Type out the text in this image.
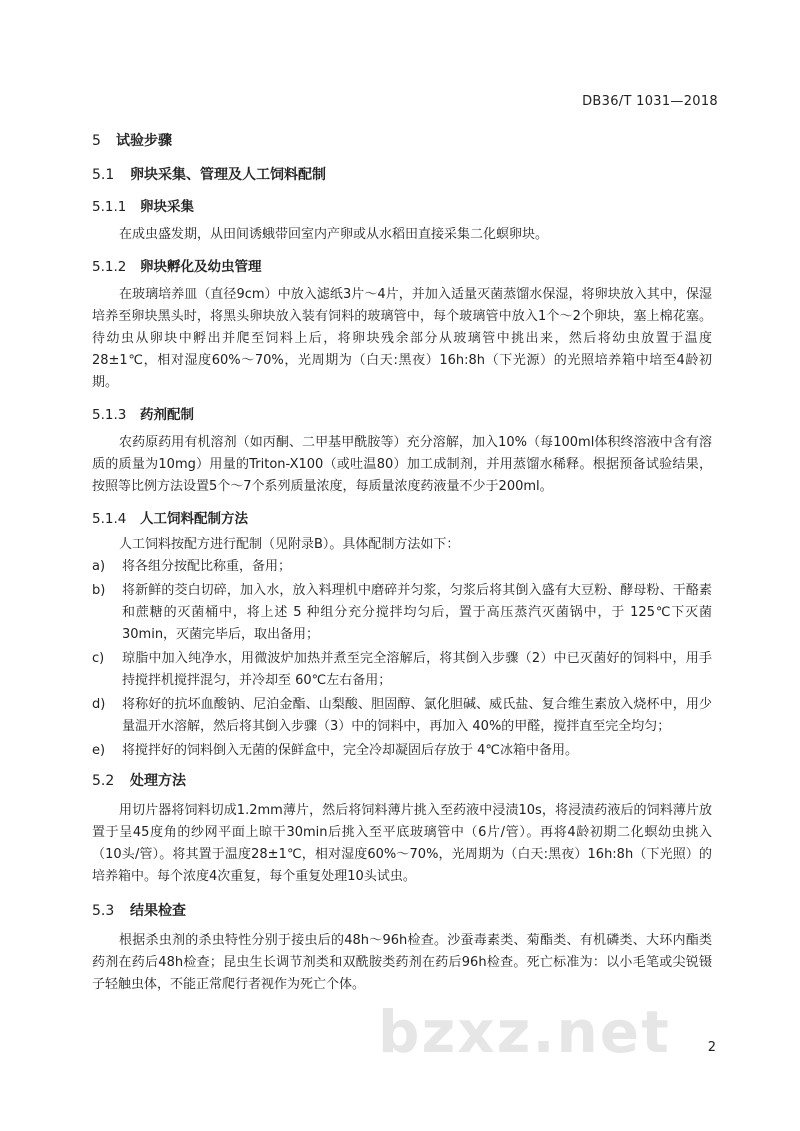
DB36/T 1031—2018
5 试验步骤
5.1 卵块采集、管理及人工饲料配制
5.1.1 卵块采集

在成虫盛发期，从田间诱蛾带回室内产卵或从水稻田直接采集二化螟卵块。

5.1.2 卵块孵化及幼虫管理

在玻璃培养皿（直径9cm）中放入滤纸3片～4片，并加入适量灭菌蒸馏水保湿，将卵块放入其中，保湿培养至卵块黑头时，将黑头卵块放入装有饲料的玻璃管中，每个玻璃管中放入1个～2个卵块，塞上棉花塞。待幼虫从卵块中孵出并爬至饲料上后，将卵块残余部分从玻璃管中挑出来，然后将幼虫放置于温度28±1℃，相对湿度60%～70%，光周期为（白天:黑夜）16h:8h（下光源）的光照培养箱中培至4龄初期。

5.1.3 药剂配制

农药原药用有机溶剂（如丙酮、二甲基甲酰胺等）充分溶解，加入10%（每100ml体积终溶液中含有溶质的质量为10mg）用量的Triton-X100（或吐温80）加工成制剂，并用蒸馏水稀释。根据预备试验结果，按照等比例方法设置5个～7个系列质量浓度，每质量浓度药液量不少于200ml。

5.1.4 人工饲料配制方法

人工饲料按配方进行配制（见附录B）。具体配制方法如下：

a)	将各组分按配比称重，备用；
b)	将新鲜的茭白切碎，加入水，放入料理机中磨碎并匀浆，匀浆后将其倒入盛有大豆粉、酵母粉、干酪素和蔗糖的灭菌桶中，将上述 5 种组分充分搅拌均匀后，置于高压蒸汽灭菌锅中，于 125℃下灭菌 30min，灭菌完毕后，取出备用；
c)	琼脂中加入纯净水，用微波炉加热并煮至完全溶解后，将其倒入步骤（2）中已灭菌好的饲料中，用手持搅拌机搅拌混匀，并冷却至 60℃左右备用；
d)	将称好的抗坏血酸钠、尼泊金酯、山梨酸、胆固醇、氯化胆碱、威氏盐、复合维生素放入烧杯中，用少量温开水溶解，然后将其倒入步骤（3）中的饲料中，再加入 40%的甲醛，搅拌直至完全均匀；
e)	将搅拌好的饲料倒入无菌的保鲜盒中，完全冷却凝固后存放于 4℃冰箱中备用。
5.2 处理方法

用切片器将饲料切成1.2mm薄片，然后将饲料薄片挑入至药液中浸渍10s，将浸渍药液后的饲料薄片放置于呈45度角的纱网平面上晾干30min后挑入至平底玻璃管中（6片/管）。再将4龄初期二化螟幼虫挑入（10头/管）。将其置于温度28±1℃，相对湿度60%～70%，光周期为（白天:黑夜）16h:8h（下光照）的培养箱中。每个浓度4次重复，每个重复处理10头试虫。

5.3 结果检查

根据杀虫剂的杀虫特性分别于接虫后的48h～96h检查。沙蚕毒素类、菊酯类、有机磷类、大环内酯类药剂在药后48h检查；昆虫生长调节剂类和双酰胺类药剂在药后96h检查。死亡标准为：以小毛笔或尖锐镊子轻触虫体，不能正常爬行者视作为死亡个体。

bzxz.net	2
